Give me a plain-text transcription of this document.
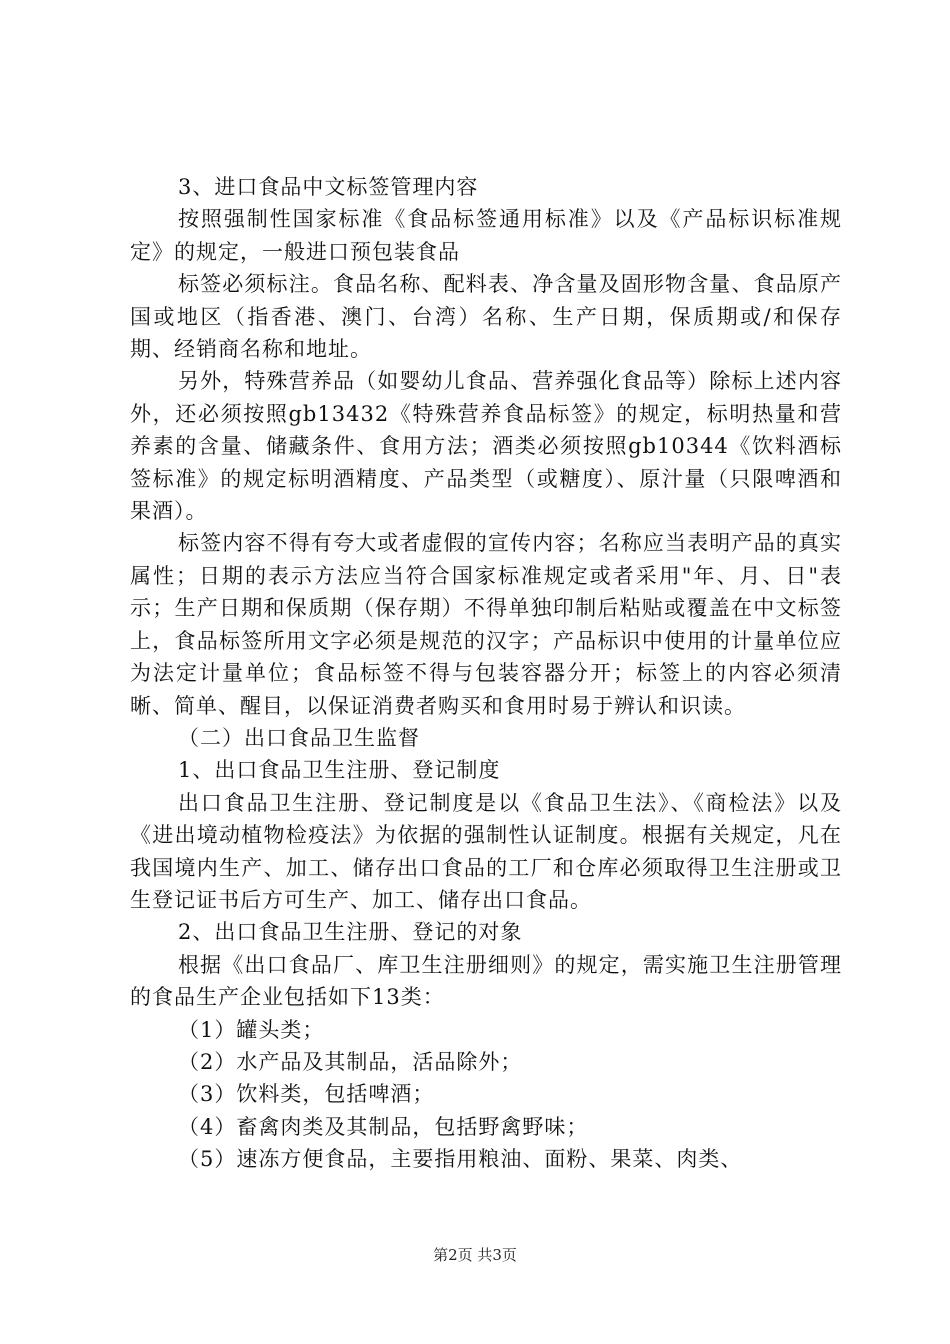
3、进口食品中文标签管理内容

按照强制性国家标准《食品标签通用标准》以及《产品标识标准规定》的规定，一般进口预包装食品

标签必须标注。食品名称、配料表、净含量及固形物含量、食品原产国或地区（指香港、澳门、台湾）名称、生产日期，保质期或/和保存期、经销商名称和地址。

另外，特殊营养品（如婴幼儿食品、营养强化食品等）除标上述内容外，还必须按照gb13432《特殊营养食品标签》的规定，标明热量和营养素的含量、储藏条件、食用方法；酒类必须按照gb10344《饮料酒标签标准》的规定标明酒精度、产品类型（或糖度）、原汁量（只限啤酒和果酒）。

标签内容不得有夸大或者虚假的宣传内容；名称应当表明产品的真实属性；日期的表示方法应当符合国家标准规定或者采用"年、月、日"表示；生产日期和保质期（保存期）不得单独印制后粘贴或覆盖在中文标签上，食品标签所用文字必须是规范的汉字；产品标识中使用的计量单位应为法定计量单位；食品标签不得与包装容器分开；标签上的内容必须清晰、简单、醒目，以保证消费者购买和食用时易于辨认和识读。

（二）出口食品卫生监督

1、出口食品卫生注册、登记制度

出口食品卫生注册、登记制度是以《食品卫生法》、《商检法》以及《进出境动植物检疫法》为依据的强制性认证制度。根据有关规定，凡在我国境内生产、加工、储存出口食品的工厂和仓库必须取得卫生注册或卫生登记证书后方可生产、加工、储存出口食品。

2、出口食品卫生注册、登记的对象

根据《出口食品厂、库卫生注册细则》的规定，需实施卫生注册管理的食品生产企业包括如下13类：

（1）罐头类；

（2）水产品及其制品，活品除外；

（3）饮料类，包括啤酒；

（4）畜禽肉类及其制品，包括野禽野味；

（5）速冻方便食品，主要指用粮油、面粉、果菜、肉类、

第2页 共3页
